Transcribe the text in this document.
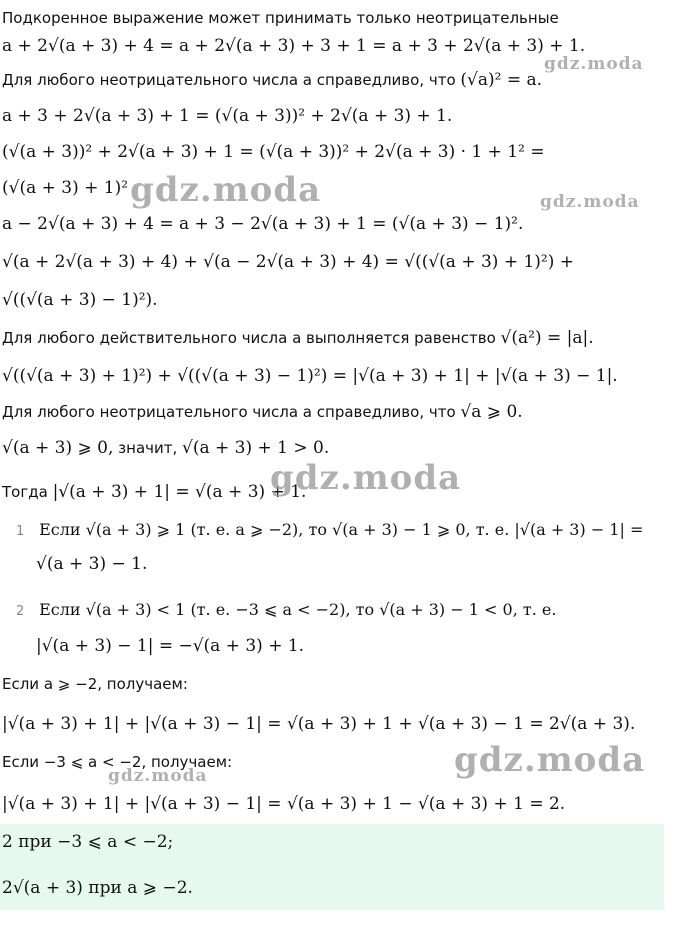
Подкоренное выражение может принимать только неотрицательные
a + 2√(a + 3) + 4 = a + 2√(a + 3) + 3 + 1 = a + 3 + 2√(a + 3) + 1.
Для любого неотрицательного числа a справедливо, что (√a)² = a.
a + 3 + 2√(a + 3) + 1 = (√(a + 3))² + 2√(a + 3) + 1.
(√(a + 3))² + 2√(a + 3) + 1 = (√(a + 3))² + 2√(a + 3) · 1 + 1² =
(√(a + 3) + 1)²
a − 2√(a + 3) + 4 = a + 3 − 2√(a + 3) + 1 = (√(a + 3) − 1)².
√(a + 2√(a + 3) + 4) + √(a − 2√(a + 3) + 4) = √((√(a + 3) + 1)²) +
√((√(a + 3) − 1)²).
Для любого действительного числа a выполняется равенство √(a²) = |a|.
√((√(a + 3) + 1)²) + √((√(a + 3) − 1)²) = |√(a + 3) + 1| + |√(a + 3) − 1|.
Для любого неотрицательного числа a справедливо, что √a ⩾ 0.
√(a + 3) ⩾ 0, значит, √(a + 3) + 1 > 0.
Тогда |√(a + 3) + 1| = √(a + 3) + 1.
1 Если √(a + 3) ⩾ 1 (т. е. a ⩾ −2), то √(a + 3) − 1 ⩾ 0, т. е. |√(a + 3) − 1| =
√(a + 3) − 1.
2 Если √(a + 3) < 1 (т. е. −3 ⩽ a < −2), то √(a + 3) − 1 < 0, т. е.
|√(a + 3) − 1| = −√(a + 3) + 1.
Если a ⩾ −2, получаем:
|√(a + 3) + 1| + |√(a + 3) − 1| = √(a + 3) + 1 + √(a + 3) − 1 = 2√(a + 3).
Если −3 ⩽ a < −2, получаем:
|√(a + 3) + 1| + |√(a + 3) − 1| = √(a + 3) + 1 − √(a + 3) + 1 = 2.
2 при −3 ⩽ a < −2;
2√(a + 3) при a ⩾ −2.
gdz.moda
gdz.moda	gdz.moda
gdz.moda
gdz.moda
gdz.moda
